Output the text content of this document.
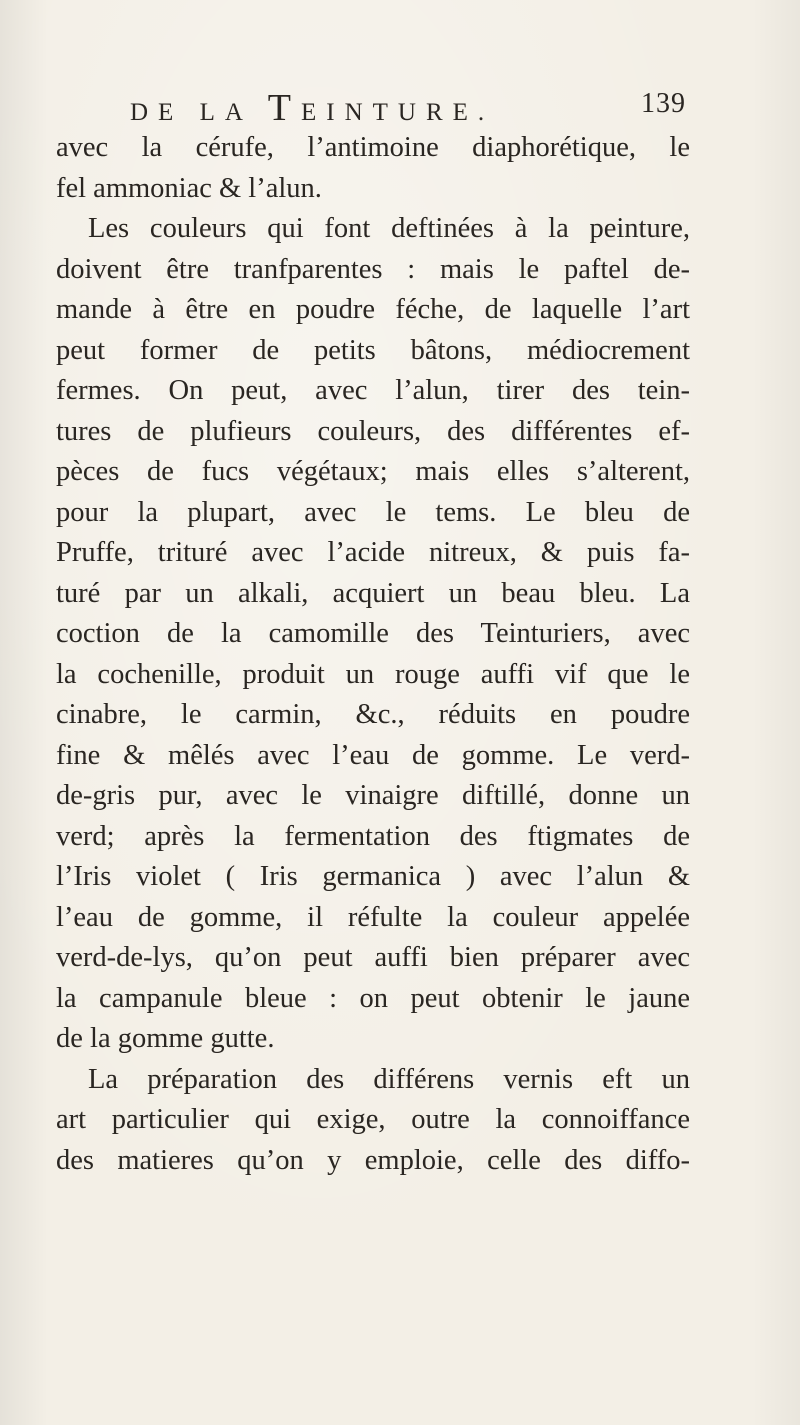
DE LA TEINTURE.	139
avec la cérufe, l’antimoine diaphorétique, le
fel ammoniac & l’alun.
Les couleurs qui font deftinées à la peinture,
doivent être tranfparentes : mais le paftel de-
mande à être en poudre féche, de laquelle l’art
peut former de petits bâtons, médiocrement
fermes. On peut, avec l’alun, tirer des tein-
tures de plufieurs couleurs, des différentes ef-
pèces de fucs végétaux; mais elles s’alterent,
pour la plupart, avec le tems. Le bleu de
Pruffe, trituré avec l’acide nitreux, & puis fa-
turé par un alkali, acquiert un beau bleu. La
coction de la camomille des Teinturiers, avec
la cochenille, produit un rouge auffi vif que le
cinabre, le carmin, &c., réduits en poudre
fine & mêlés avec l’eau de gomme. Le verd-
de-gris pur, avec le vinaigre diftillé, donne un
verd; après la fermentation des ftigmates de
l’Iris violet ( Iris germanica ) avec l’alun &
l’eau de gomme, il réfulte la couleur appelée
verd-de-lys, qu’on peut auffi bien préparer avec
la campanule bleue : on peut obtenir le jaune
de la gomme gutte.
La préparation des différens vernis eft un
art particulier qui exige, outre la connoiffance
des matieres qu’on y emploie, celle des diffo-
